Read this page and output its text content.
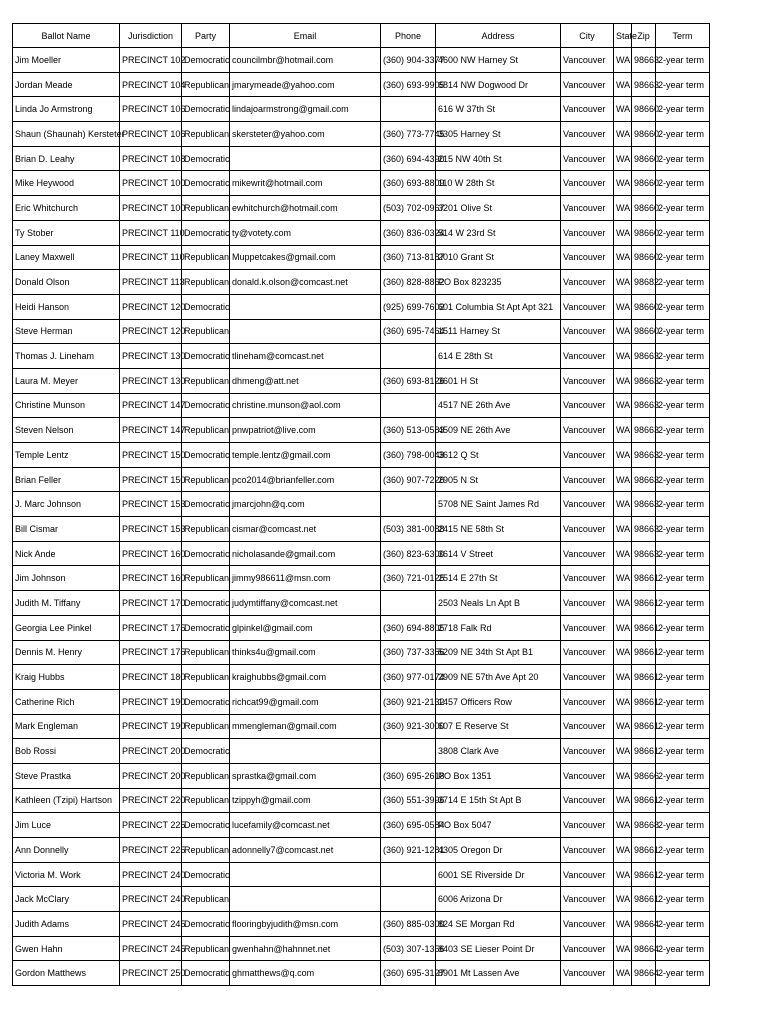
Ballot Name	Jurisdiction	Party	Email	Phone	Address	City	State	Zip	Term
Jim Moeller	PRECINCT 102	Democratic	councilmbr@hotmail.com	(360) 904-3377	4600 NW Harney St	Vancouver	WA	98663	2-year term
Jordan Meade	PRECINCT 104	Republican	jmarymeade@yahoo.com	(360) 693-9905	6814 NW Dogwood Dr	Vancouver	WA	98663	2-year term
Linda Jo Armstrong	PRECINCT 106	Democratic	lindajoarmstrong@gmail.com		616 W 37th St	Vancouver	WA	98660	2-year term
Shaun (Shaunah) Kersteter	PRECINCT 106	Republican	skersteter@yahoo.com	(360) 773-7745	3305 Harney St	Vancouver	WA	98660	2-year term
Brian D. Leahy	PRECINCT 108	Democratic		(360) 694-4390	215 NW 40th St	Vancouver	WA	98660	2-year term
Mike Heywood	PRECINCT 100	Democratic	mikewrit@hotmail.com	(360) 693-8809	110 W 28th St	Vancouver	WA	98660	2-year term
Eric Whitchurch	PRECINCT 100	Republican	ewhitchurch@hotmail.com	(503) 702-0967	3201 Olive St	Vancouver	WA	98660	2-year term
Ty Stober	PRECINCT 110	Democratic	ty@votety.com	(360) 836-0324	514 W 23rd St	Vancouver	WA	98660	2-year term
Laney Maxwell	PRECINCT 110	Republican	Muppetcakes@gmail.com	(360) 713-8187	2010 Grant St	Vancouver	WA	98660	2-year term
Donald Olson	PRECINCT 113	Republican	donald.k.olson@comcast.net	(360) 828-8862	PO Box 823235	Vancouver	WA	98682	2-year term
Heidi Hanson	PRECINCT 120	Democratic		(925) 699-7602	601 Columbia St Apt Apt 321	Vancouver	WA	98660	2-year term
Steve Herman	PRECINCT 120	Republican		(360) 695-7464	1511 Harney St	Vancouver	WA	98660	2-year term
Thomas J. Lineham	PRECINCT 130	Democratic	tlineham@comcast.net		614 E 28th St	Vancouver	WA	98663	2-year term
Laura M. Meyer	PRECINCT 130	Republican	dhmeng@att.net	(360) 693-8126	3601 H St	Vancouver	WA	98663	2-year term
Christine Munson	PRECINCT 147	Democratic	christine.munson@aol.com		4517 NE 26th Ave	Vancouver	WA	98663	2-year term
Steven Nelson	PRECINCT 147	Republican	pnwpatriot@live.com	(360) 513-0583	4509 NE 26th Ave	Vancouver	WA	98663	2-year term
Temple Lentz	PRECINCT 150	Democratic	temple.lentz@gmail.com	(360) 798-0043	3612 Q St	Vancouver	WA	98663	2-year term
Brian Feller	PRECINCT 150	Republican	pco2014@brianfeller.com	(360) 907-7226	2905 N St	Vancouver	WA	98663	2-year term
J. Marc Johnson	PRECINCT 153	Democratic	jmarcjohn@q.com		5708 NE Saint James Rd	Vancouver	WA	98663	2-year term
Bill Cismar	PRECINCT 153	Republican	cismar@comcast.net	(503) 381-0088	2415 NE 58th St	Vancouver	WA	98663	2-year term
Nick Ande	PRECINCT 160	Democratic	nicholasande@gmail.com	(360) 823-6300	3614 V Street	Vancouver	WA	98663	2-year term
Jim Johnson	PRECINCT 160	Republican	jimmy986611@msn.com	(360) 721-0125	2514 E 27th St	Vancouver	WA	98661	2-year term
Judith M. Tiffany	PRECINCT 170	Democratic	judymtiffany@comcast.net		2503 Neals Ln Apt B	Vancouver	WA	98661	2-year term
Georgia Lee Pinkel	PRECINCT 175	Democratic	glpinkel@gmail.com	(360) 694-8805	2718 Falk Rd	Vancouver	WA	98661	2-year term
Dennis M. Henry	PRECINCT 175	Republican	thinks4u@gmail.com	(360) 737-3356	5209 NE 34th St Apt B1	Vancouver	WA	98661	2-year term
Kraig Hubbs	PRECINCT 180	Republican	kraighubbs@gmail.com	(360) 977-0174	2909 NE 57th Ave Apt 20	Vancouver	WA	98661	2-year term
Catherine Rich	PRECINCT 190	Democratic	richcat99@gmail.com	(360) 921-2132	1457 Officers Row	Vancouver	WA	98661	2-year term
Mark Engleman	PRECINCT 190	Republican	mmengleman@gmail.com	(360) 921-3000	607 E Reserve St	Vancouver	WA	98661	2-year term
Bob Rossi	PRECINCT 200	Democratic			3808 Clark Ave	Vancouver	WA	98661	2-year term
Steve Prastka	PRECINCT 200	Republican	sprastka@gmail.com	(360) 695-2618	PO Box 1351	Vancouver	WA	98666	2-year term
Kathleen (Tzipi) Hartson	PRECINCT 220	Republican	tzippyh@gmail.com	(360) 551-3996	3714 E 15th St Apt B	Vancouver	WA	98661	2-year term
Jim Luce	PRECINCT 225	Democratic	lucefamily@comcast.net	(360) 695-0584	PO Box 5047	Vancouver	WA	98668	2-year term
Ann Donnelly	PRECINCT 225	Republican	adonnelly7@comcast.net	(360) 921-1281	4305 Oregon Dr	Vancouver	WA	98661	2-year term
Victoria M. Work	PRECINCT 240	Democratic			6001 SE Riverside Dr	Vancouver	WA	98661	2-year term
Jack McClary	PRECINCT 240	Republican			6006 Arizona Dr	Vancouver	WA	98661	2-year term
Judith Adams	PRECINCT 245	Democratic	flooringbyjudith@msn.com	(360) 885-0300	824 SE Morgan Rd	Vancouver	WA	98664	2-year term
Gwen Hahn	PRECINCT 245	Republican	gwenhahn@hahnnet.net	(503) 307-1356	8403 SE Lieser Point Dr	Vancouver	WA	98664	2-year term
Gordon Matthews	PRECINCT 250	Democratic	ghmatthews@q.com	(360) 695-3127	8901 Mt Lassen Ave	Vancouver	WA	98664	2-year term
